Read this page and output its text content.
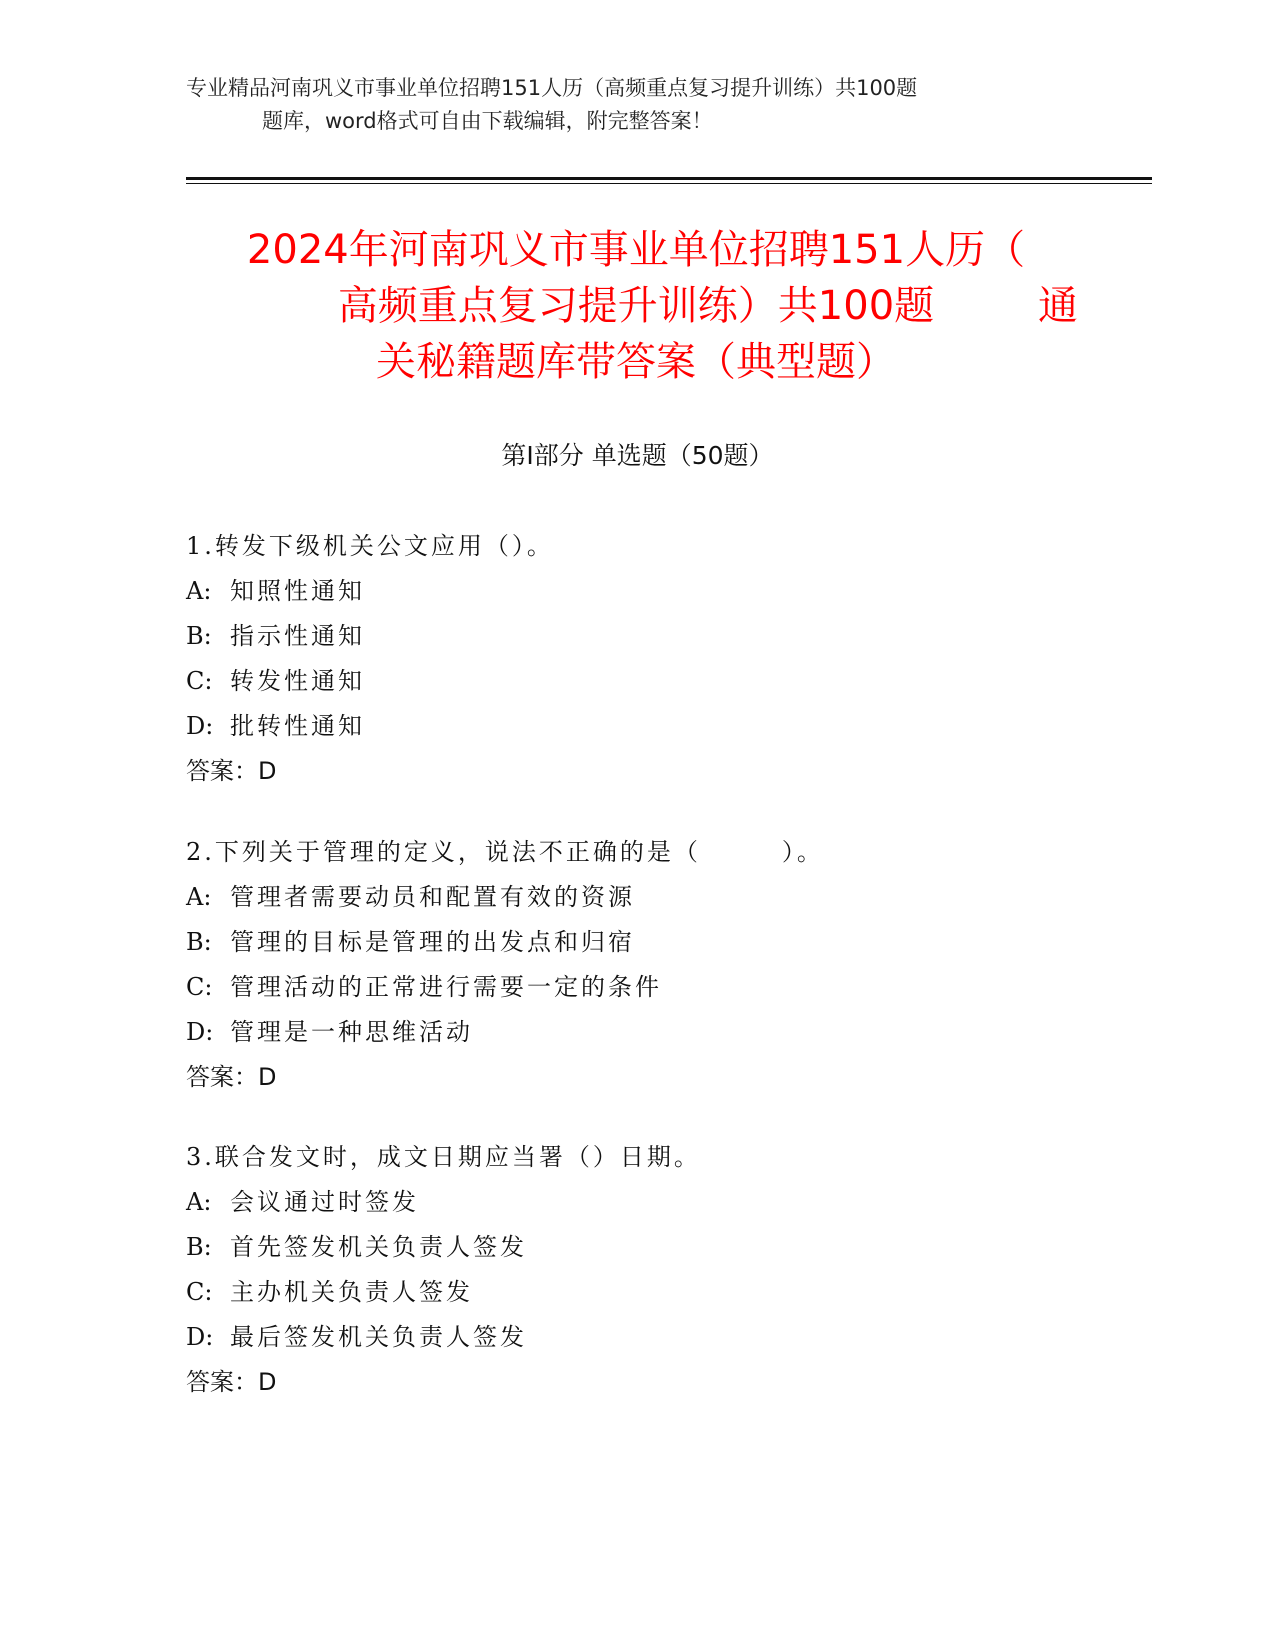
专业精品河南巩义市事业单位招聘151人历（高频重点复习提升训练）共100题
题库，word格式可自由下载编辑，附完整答案！
2024年河南巩义市事业单位招聘151人历（
高频重点复习提升训练）共100题	通
关秘籍题库带答案（典型题）
第Ⅰ部分 单选题（50题）
1.转发下级机关公文应用（）。
A: 知照性通知
B: 指示性通知
C: 转发性通知
D: 批转性通知
答案：D
2.下列关于管理的定义，说法不正确的是（　　　）。
A: 管理者需要动员和配置有效的资源
B: 管理的目标是管理的出发点和归宿
C: 管理活动的正常进行需要一定的条件
D: 管理是一种思维活动
答案：D
3.联合发文时，成文日期应当署（）日期。
A: 会议通过时签发
B: 首先签发机关负责人签发
C: 主办机关负责人签发
D: 最后签发机关负责人签发
答案：D
